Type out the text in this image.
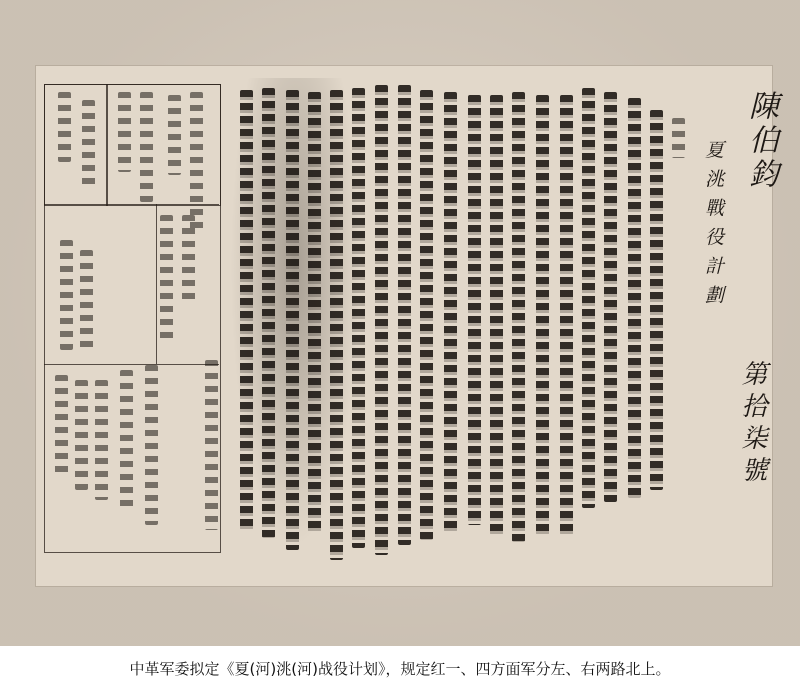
陳伯鈞
夏洮戰役計劃
第拾柒號
中革军委拟定《夏(河)洮(河)战役计划》，规定红一、四方面军分左、右两路北上。
